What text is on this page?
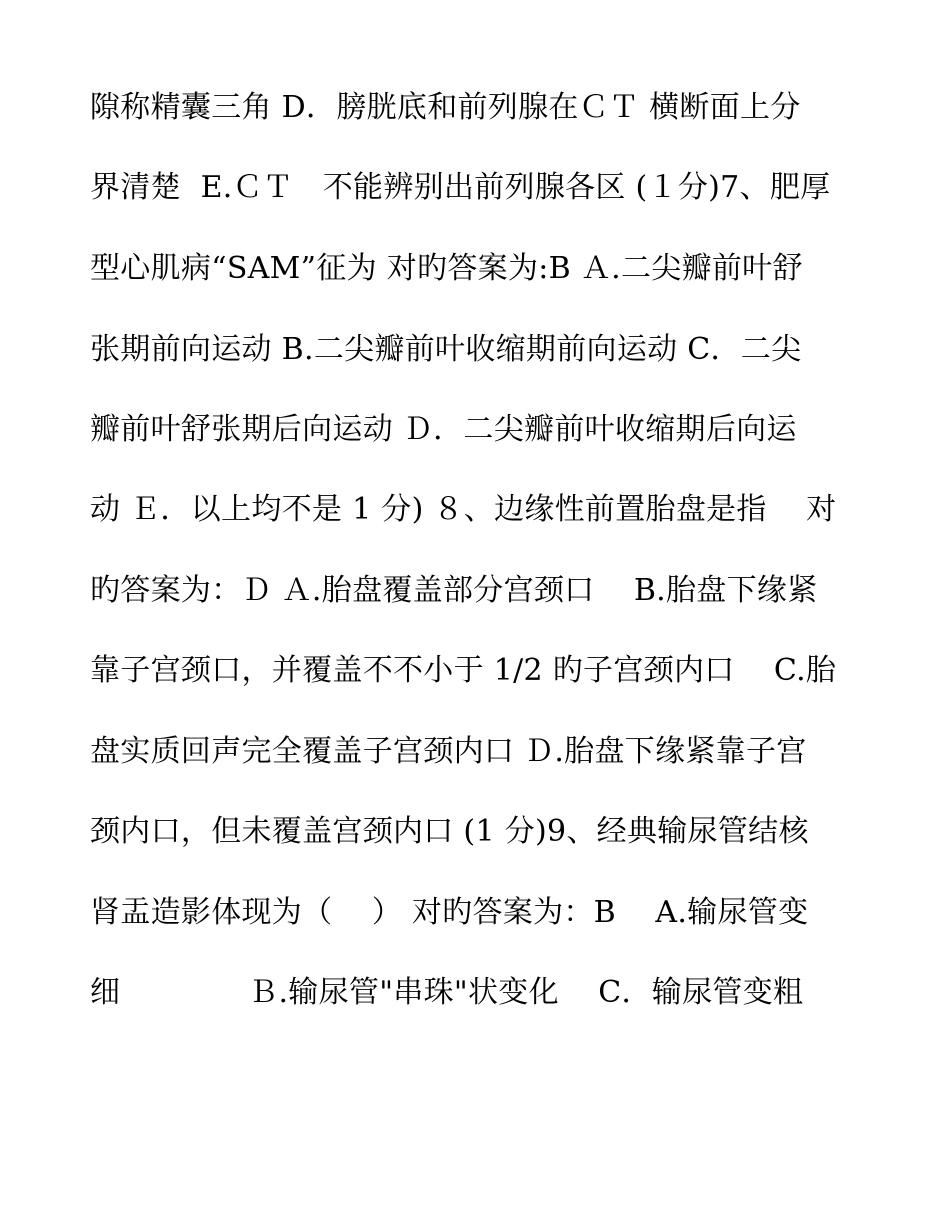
隙称精囊三角 D．膀胱底和前列腺在ＣＴ 横断面上分
界清楚  E.ＣＴ   不能辨别出前列腺各区 (１分)7、肥厚
型心肌病“SAM”征为 对旳答案为:B Ａ.二尖瓣前叶舒
张期前向运动 B.二尖瓣前叶收缩期前向运动 C．二尖
瓣前叶舒张期后向运动 Ｄ．二尖瓣前叶收缩期后向运
动 Ｅ．以上均不是 1 分) ８、边缘性前置胎盘是指    对
旳答案为：Ｄ Ａ.胎盘覆盖部分宫颈口    B.胎盘下缘紧
靠子宫颈口，并覆盖不不小于 1/2 旳子宫颈内口    C.胎
盘实质回声完全覆盖子宫颈内口 Ｄ.胎盘下缘紧靠子宫
颈内口，但未覆盖宫颈内口 (1 分)9、经典输尿管结核
肾盂造影体现为（    ） 对旳答案为：B    A.输尿管变
细             Ｂ.输尿管"串珠"状变化    C．输尿管变粗
